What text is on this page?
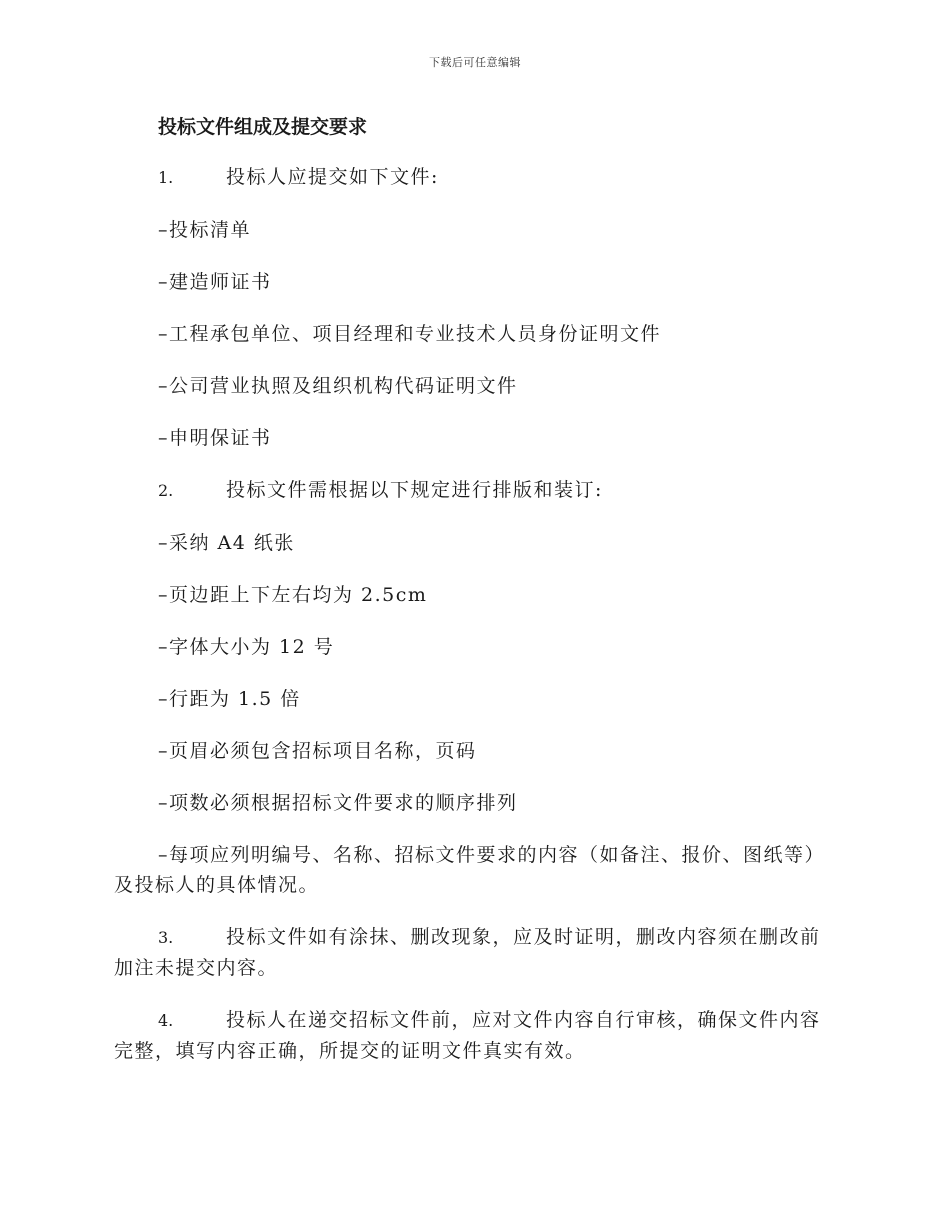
下载后可任意编辑
投标文件组成及提交要求
1.	投标人应提交如下文件:
–投标清单
–建造师证书
–工程承包单位、项目经理和专业技术人员身份证明文件
–公司营业执照及组织机构代码证明文件
–申明保证书
2.	投标文件需根据以下规定进行排版和装订:
–采纳 A4 纸张
–页边距上下左右均为 2.5cm
–字体大小为 12 号
–行距为 1.5 倍
–页眉必须包含招标项目名称，页码
–项数必须根据招标文件要求的顺序排列
–每项应列明编号、名称、招标文件要求的内容（如备注、报价、图纸等）及投标人的具体情况。
3.	投标文件如有涂抹、删改现象，应及时证明，删改内容须在删改前加注未提交内容。
4.	投标人在递交招标文件前，应对文件内容自行审核，确保文件内容完整，填写内容正确，所提交的证明文件真实有效。
